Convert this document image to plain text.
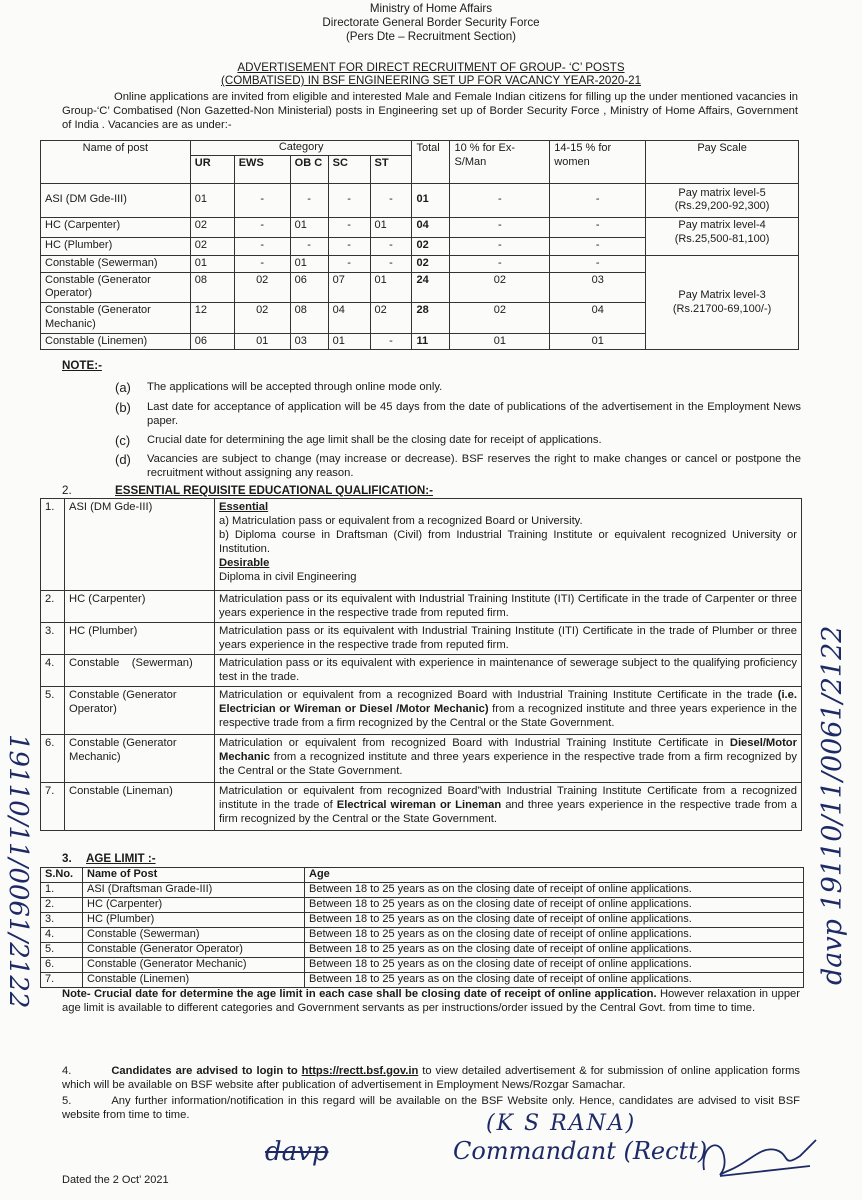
Ministry of Home Affairs
Directorate General Border Security Force
(Pers Dte – Recruitment Section)
ADVERTISEMENT FOR DIRECT RECRUITMENT OF GROUP- ‘C’ POSTS
(COMBATISED) IN BSF ENGINEERING SET UP FOR VACANCY YEAR-2020-21
Online applications are invited from eligible and interested Male and Female Indian citizens for filling up the under mentioned vacancies in Group-‘C’ Combatised (Non Gazetted-Non Ministerial) posts in Engineering set up of Border Security Force , Ministry of Home Affairs, Government of India . Vacancies are as under:-
Name of post	Category					Total	10 % for Ex-S/Man	14-15 % for women	Pay Scale
	UR	EWS	OB C	SC	ST				
ASI (DM Gde-III)	01	-	-	-	-	01	-	-	Pay matrix level-5 (Rs.29,200-92,300)
HC (Carpenter)	02	-	01	-	01	04	-	-	Pay matrix level-4 (Rs.25,500-81,100)
HC (Plumber)	02	-	-	-	-	02	-	-	
Constable (Sewerman)	01	-	01	-	-	02	-	-	Pay Matrix level-3 (Rs.21700-69,100/-)
Constable (Generator Operator)	08	02	06	07	01	24	02	03	
Constable (Generator Mechanic)	12	02	08	04	02	28	02	04	
Constable (Linemen)	06	01	03	01	-	11	01	01	
NOTE:-
(a) The applications will be accepted through online mode only.
(b) Last date for acceptance of application will be 45 days from the date of publications of the advertisement in the Employment News paper.
(c) Crucial date for determining the age limit shall be the closing date for receipt of applications.
(d) Vacancies are subject to change (may increase or decrease). BSF reserves the right to make changes or cancel or postpone the recruitment without assigning any reason.
2.	ESSENTIAL REQUISITE EDUCATIONAL QUALIFICATION:-
1.	ASI (DM Gde-III)	Essential
a) Matriculation pass or equivalent from a recognized Board or University.
b) Diploma course in Draftsman (Civil) from Industrial Training Institute or equivalent recognized University or Institution.
Desirable
Diploma in civil Engineering

2.	HC (Carpenter)	Matriculation pass or its equivalent with Industrial Training Institute (ITI) Certificate in the trade of Carpenter or three years experience in the respective trade from reputed firm.
3.	HC (Plumber)	Matriculation pass or its equivalent with Industrial Training Institute (ITI) Certificate in the trade of Plumber or three years experience in the respective trade from reputed firm.
4.	Constable    (Sewerman)	Matriculation pass or its equivalent with experience in maintenance of sewerage subject to the qualifying proficiency test in the trade.
5.	Constable (Generator Operator)	Matriculation or equivalent from a recognized Board with Industrial Training Institute Certificate in the trade (i.e. Electrician or Wireman or Diesel /Motor Mechanic) from a recognized institute and three years experience in the respective trade from a firm recognized by the Central or the State Government.
6.	Constable (Generator Mechanic)	Matriculation or equivalent from recognized Board with Industrial Training Institute Certificate in Diesel/Motor Mechanic from a recognized institute and three years experience in the respective trade from a firm recognized by the Central or the State Government.
7.	Constable (Lineman)	Matriculation or equivalent from recognized Board”with Industrial Training Institute Certificate from a recognized institute in the trade of Electrical wireman or Lineman and three years experience in the respective trade from a firm recognized by the Central or the State Government.
3. AGE LIMIT :-
S.No.	Name of Post	Age
1.	ASI (Draftsman Grade-III)	Between 18 to 25 years as on the closing date of receipt of online applications.
2.	HC (Carpenter)	Between 18 to 25 years as on the closing date of receipt of online applications.
3.	HC (Plumber)	Between 18 to 25 years as on the closing date of receipt of online applications.
4.	Constable (Sewerman)	Between 18 to 25 years as on the closing date of receipt of online applications.
5.	Constable (Generator Operator)	Between 18 to 25 years as on the closing date of receipt of online applications.
6.	Constable (Generator Mechanic)	Between 18 to 25 years as on the closing date of receipt of online applications.
7.	Constable (Linemen)	Between 18 to 25 years as on the closing date of receipt of online applications.
Note- Crucial date for determine the age limit in each case shall be closing date of receipt of online application. However relaxation in upper age limit is available to different categories and Government servants as per instructions/order issued by the Central Govt. from time to time.
4.	Candidates are advised to login to https://rectt.bsf.gov.in to view detailed advertisement & for submission of online application forms which will be available on BSF website after publication of advertisement in Employment News/Rozgar Samachar.
5.	Any further information/notification in this regard will be available on the BSF Website only. Hence, candidates are advised to visit BSF website from time to time.	(K S RANA)
Commandant (Rectt)
davp
davp 19110/11/0061/2122
19110/11/0061/2122
Dated the 2 Oct’ 2021
